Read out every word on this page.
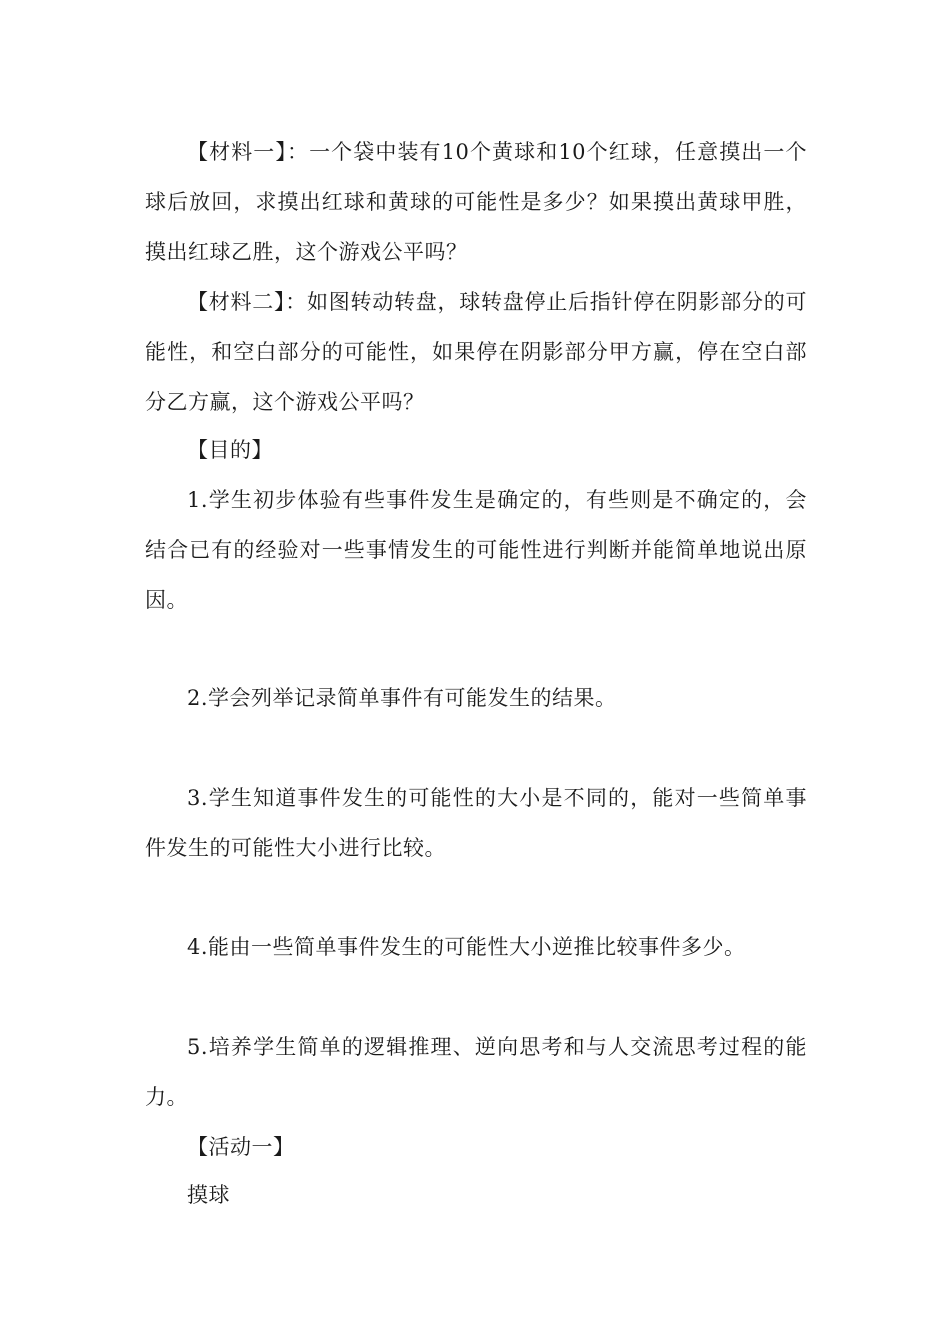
【材料一】：一个袋中装有10个黄球和10个红球，任意摸出一个球后放回，求摸出红球和黄球的可能性是多少？如果摸出黄球甲胜，摸出红球乙胜，这个游戏公平吗？

【材料二】：如图转动转盘，球转盘停止后指针停在阴影部分的可能性，和空白部分的可能性，如果停在阴影部分甲方赢，停在空白部分乙方赢，这个游戏公平吗？

【目的】

1.学生初步体验有些事件发生是确定的，有些则是不确定的，会结合已有的经验对一些事情发生的可能性进行判断并能简单地说出原因。

2.学会列举记录简单事件有可能发生的结果。

3.学生知道事件发生的可能性的大小是不同的，能对一些简单事件发生的可能性大小进行比较。

4.能由一些简单事件发生的可能性大小逆推比较事件多少。

5.培养学生简单的逻辑推理、逆向思考和与人交流思考过程的能力。

【活动一】

摸球
